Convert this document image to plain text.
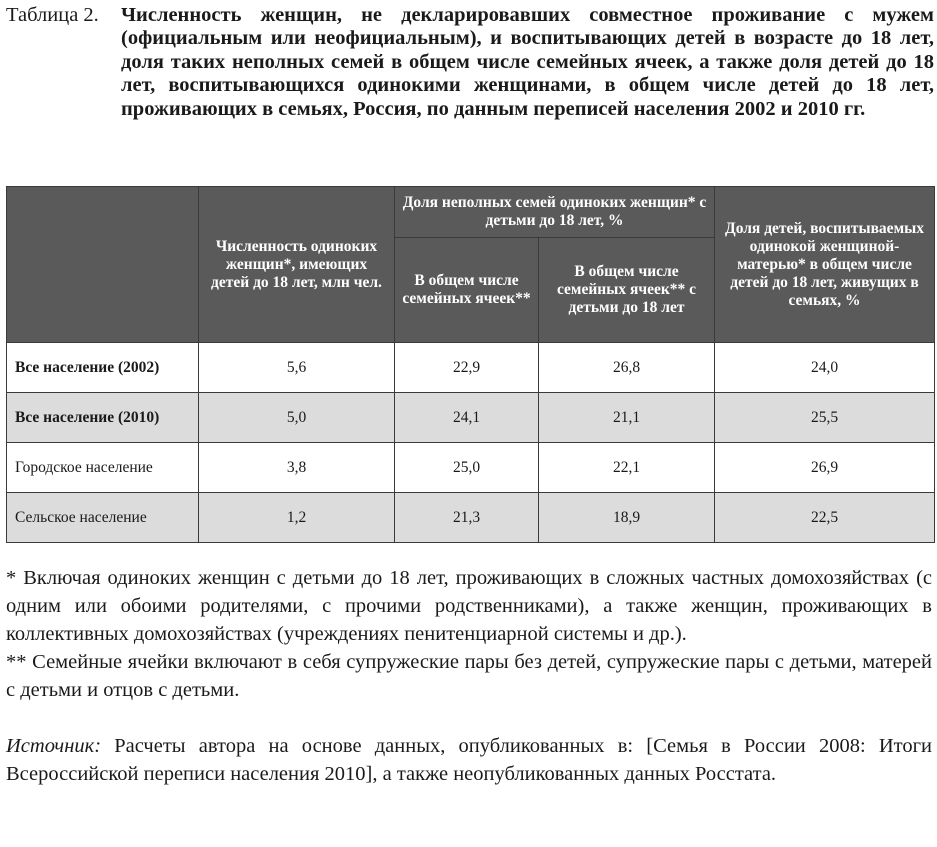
Таблица 2. Численность женщин, не декларировавших совместное проживание с мужем (официальным или неофициальным), и воспитывающих детей в возрасте до 18 лет, доля таких неполных семей в общем числе семейных ячеек, а также доля детей до 18 лет, воспитывающихся одинокими женщинами, в общем числе детей до 18 лет, проживающих в семьях, Россия, по данным переписей населения 2002 и 2010 гг.
	Численность одиноких женщин*, имеющих детей до 18 лет, млн чел.	Доля неполных семей одиноких женщин* с детьми до 18 лет, %		Доля детей, воспитываемых одинокой женщиной-матерью* в общем числе детей до 18 лет, живущих в семьях, %
		В общем числе семейных ячеек**	В общем числе семейных ячеек** с детьми до 18 лет	
Все население (2002)	5,6	22,9	26,8	24,0
Все население (2010)	5,0	24,1	21,1	25,5
Городское население	3,8	25,0	22,1	26,9
Сельское население	1,2	21,3	18,9	22,5

* Включая одиноких женщин с детьми до 18 лет, проживающих в сложных частных домохозяйствах (с одним или обоими родителями, с прочими родственниками), а также женщин, проживающих в коллективных домохозяйствах (учреждениях пенитенциарной системы и др.).

** Семейные ячейки включают в себя супружеские пары без детей, супружеские пары с детьми, матерей с детьми и отцов с детьми.

Источник: Расчеты автора на основе данных, опубликованных в: [Семья в России 2008: Итоги Всероссийской переписи населения 2010], а также неопубликованных данных Росстата.
